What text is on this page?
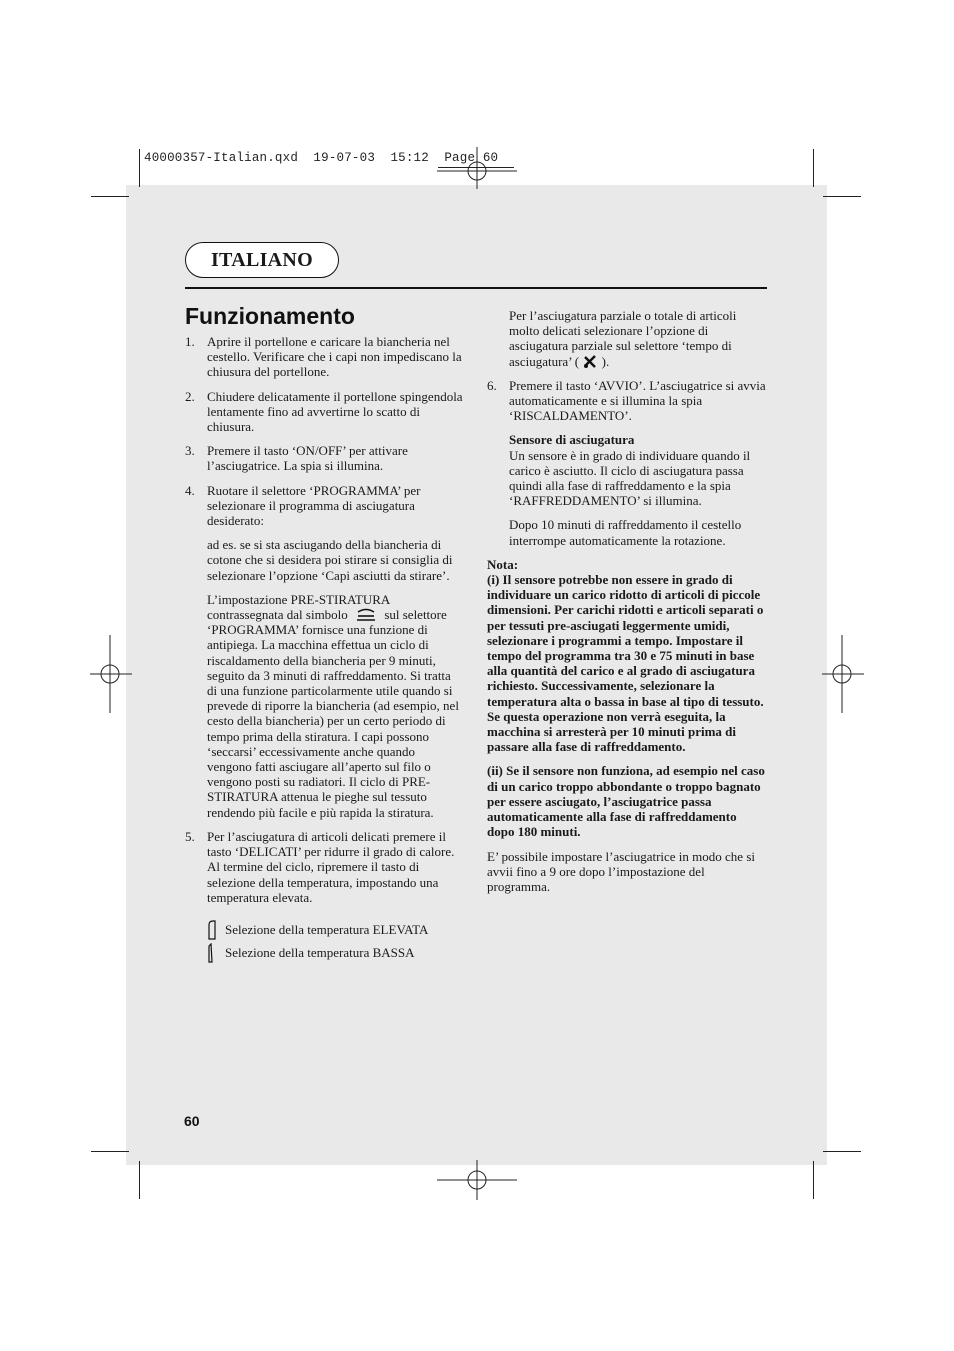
40000357-Italian.qxd  19-07-03  15:12  Page 60
ITALIANO
Funzionamento
1. Aprire il portellone e caricare la biancheria nel cestello. Verificare che i capi non impediscano la chiusura del portellone.
2. Chiudere delicatamente il portellone spingendola lentamente fino ad avvertirne lo scatto di chiusura.
3. Premere il tasto ‘ON/OFF’ per attivare l’asciugatrice. La spia si illumina.
4. Ruotare il selettore ‘PROGRAMMA’ per selezionare il programma di asciugatura desiderato:

ad es. se si sta asciugando della biancheria di cotone che si desidera poi stirare si consiglia di selezionare l’opzione ‘Capi asciutti da stirare’.

L’impostazione PRE-STIRATURA contrassegnata dal simbolo	sul selettore ‘PROGRAMMA’ fornisce una funzione di antipiega. La macchina effettua un ciclo di riscaldamento della biancheria per 9 minuti, seguito da 3 minuti di raffreddamento. Si tratta di una funzione particolarmente utile quando si prevede di riporre la biancheria (ad esempio, nel cesto della biancheria) per un certo periodo di tempo prima della stiratura. I capi possono ‘seccarsi’ eccessivamente anche quando vengono fatti asciugare all’aperto sul filo o vengono posti su radiatori. Il ciclo di PRE-STIRATURA attenua le pieghe sul tessuto rendendo più facile e più rapida la stiratura.

5. Per l’asciugatura di articoli delicati premere il tasto ‘DELICATI’ per ridurre il grado di calore. Al termine del ciclo, ripremere il tasto di selezione della temperatura, impostando una temperatura elevata.
Selezione della temperatura ELEVATA
Selezione della temperatura BASSA

Per l’asciugatura parziale o totale di articoli molto delicati selezionare l’opzione di asciugatura parziale sul selettore ‘tempo di asciugatura’ ( ).

6. Premere il tasto ‘AVVIO’. L’asciugatrice si avvia automaticamente e si illumina la spia ‘RISCALDAMENTO’.

Sensore di asciugatura

Un sensore è in grado di individuare quando il carico è asciutto. Il ciclo di asciugatura passa quindi alla fase di raffreddamento e la spia ‘RAFFREDDAMENTO’ si illumina.

Dopo 10 minuti di raffreddamento il cestello interrompe automaticamente la rotazione.

Nota:

(i) Il sensore potrebbe non essere in grado di individuare un carico ridotto di articoli di piccole dimensioni. Per carichi ridotti e articoli separati o per tessuti pre-asciugati leggermente umidi, selezionare i programmi a tempo. Impostare il tempo del programma tra 30 e 75 minuti in base alla quantità del carico e al grado di asciugatura richiesto. Successivamente, selezionare la temperatura alta o bassa in base al tipo di tessuto. Se questa operazione non verrà eseguita, la macchina si arresterà per 10 minuti prima di passare alla fase di raffreddamento.

(ii) Se il sensore non funziona, ad esempio nel caso di un carico troppo abbondante o troppo bagnato per essere asciugato, l’asciugatrice passa automaticamente alla fase di raffreddamento dopo 180 minuti.

E’ possibile impostare l’asciugatrice in modo che si avvii fino a 9 ore dopo l’impostazione del programma.

60
